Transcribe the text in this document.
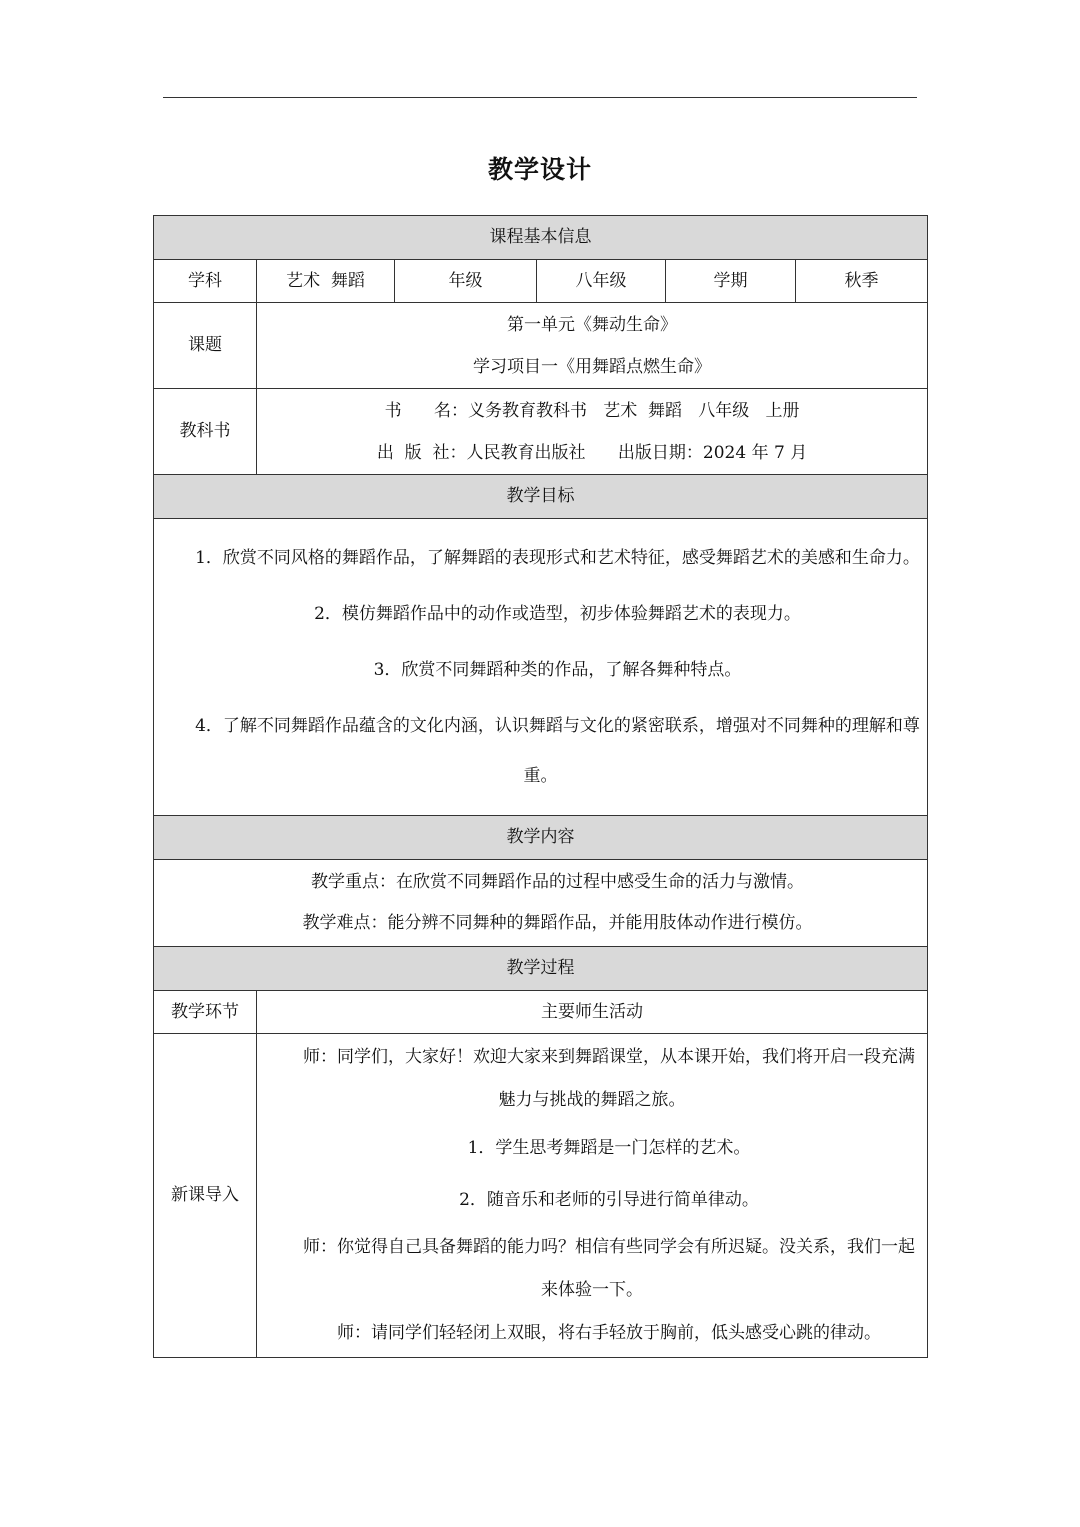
教学设计
课程基本信息					
学科	艺术  舞蹈	年级	八年级	学期	秋季
课题	第一单元《舞动生命》
学习项目一《用舞蹈点燃生命》				

教科书	书      名：义务教育教科书   艺术  舞蹈   八年级   上册
出  版  社：人民教育出版社      出版日期：2024 年 7 月				

教学目标					

1．欣赏不同风格的舞蹈作品，了解舞蹈的表现形式和艺术特征，感受舞蹈艺术的美感和生命力。

2．模仿舞蹈作品中的动作或造型，初步体验舞蹈艺术的表现力。

3．欣赏不同舞蹈种类的作品，了解各舞种特点。

4．了解不同舞蹈作品蕴含的文化内涵，认识舞蹈与文化的紧密联系，增强对不同舞种的理解和尊重。					

教学内容					

教学重点：在欣赏不同舞蹈作品的过程中感受生命的活力与激情。

教学难点：能分辨不同舞种的舞蹈作品，并能用肢体动作进行模仿。					

教学过程					
教学环节	主要师生活动				
新课导入	师：同学们，大家好！欢迎大家来到舞蹈课堂，从本课开始，我们将开启一段充满魅力与挑战的舞蹈之旅。

1．学生思考舞蹈是一门怎样的艺术。

2．随音乐和老师的引导进行简单律动。

师：你觉得自己具备舞蹈的能力吗？相信有些同学会有所迟疑。没关系，我们一起来体验一下。

师：请同学们轻轻闭上双眼，将右手轻放于胸前，低头感受心跳的律动。				
